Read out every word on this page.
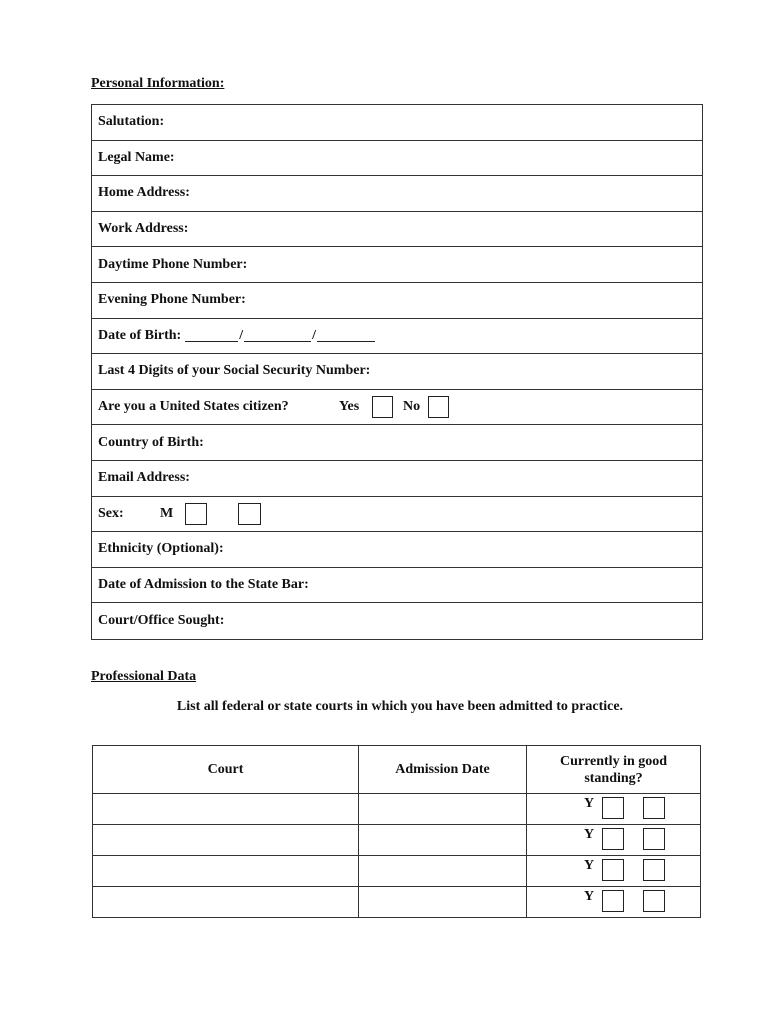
Personal Information:
Salutation:
Legal Name:
Home Address:
Work Address:
Daytime Phone Number:
Evening Phone Number:
Date of Birth:	/	/
Last 4 Digits of your Social Security Number:
Are you a United States citizen?	Yes	No
Country of Birth:
Email Address:
Sex:	M
Ethnicity (Optional):
Date of Admission to the State Bar:
Court/Office Sought:
Professional Data
List all federal or state courts in which you have been admitted to practice.
Court	Admission Date	Currently in good
standing?

		Y

		Y

		Y

		Y
